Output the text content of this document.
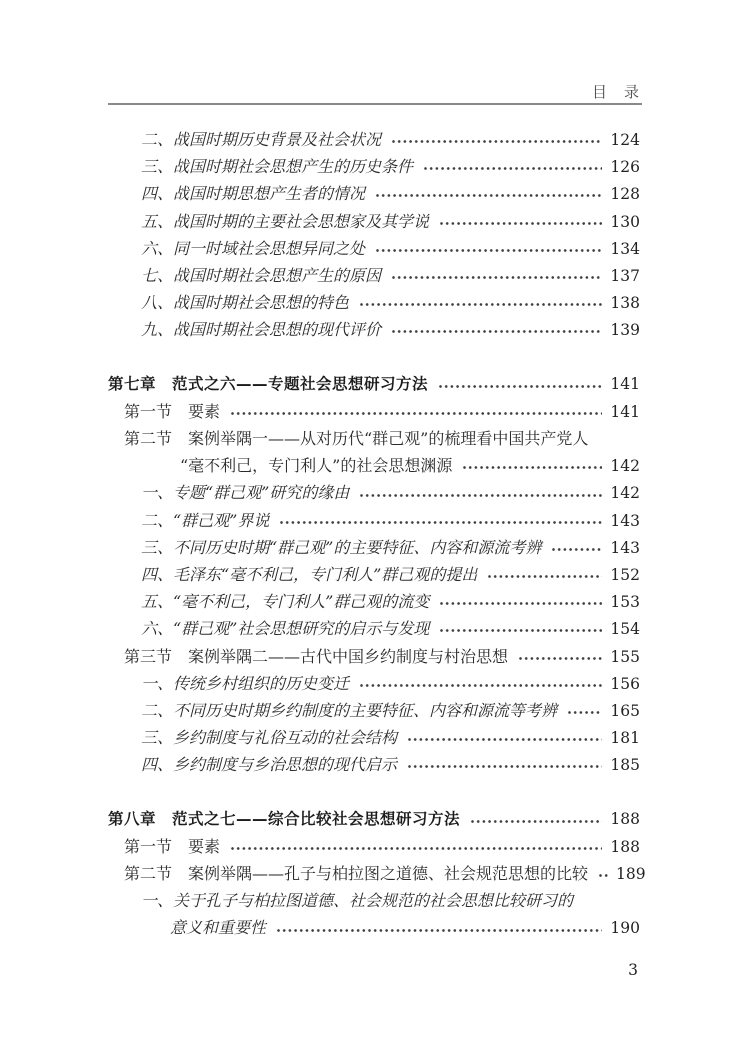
目　录
二、战国时期历史背景及社会状况	124
三、战国时期社会思想产生的历史条件	126
四、战国时期思想产生者的情况	128
五、战国时期的主要社会思想家及其学说	130
六、同一时域社会思想异同之处	134
七、战国时期社会思想产生的原因	137
八、战国时期社会思想的特色	138
九、战国时期社会思想的现代评价	139
第七章　范式之六——专题社会思想研习方法	141
第一节　要素	141
第二节　案例举隅一——从对历代“群己观”的梳理看中国共产党人
“毫不利己，专门利人”的社会思想渊源	142
一、专题“群己观”研究的缘由	142
二、“群己观”界说	143
三、不同历史时期“群己观”的主要特征、内容和源流考辨	143
四、毛泽东“毫不利己，专门利人”群己观的提出	152
五、“毫不利己，专门利人”群己观的流变	153
六、“群己观”社会思想研究的启示与发现	154
第三节　案例举隅二——古代中国乡约制度与村治思想	155
一、传统乡村组织的历史变迁	156
二、不同历史时期乡约制度的主要特征、内容和源流等考辨	165
三、乡约制度与礼俗互动的社会结构	181
四、乡约制度与乡治思想的现代启示	185
第八章　范式之七——综合比较社会思想研习方法	188
第一节　要素	188
第二节　案例举隅——孔子与柏拉图之道德、社会规范思想的比较 189
一、关于孔子与柏拉图道德、社会规范的社会思想比较研习的
意义和重要性	190
3
